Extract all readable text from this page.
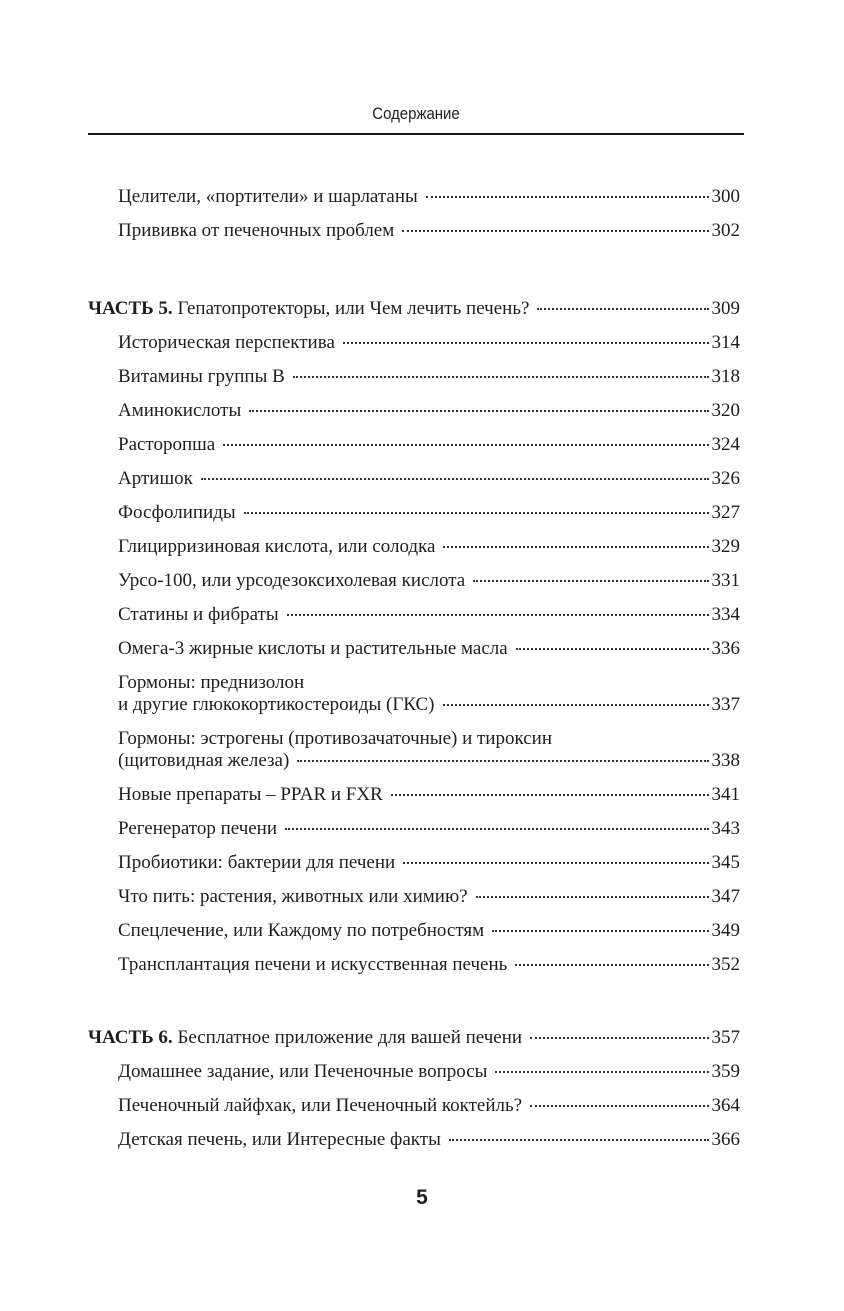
Содержание
Целители, «портители» и шарлатаны	300
Прививка от печеночных проблем	302
ЧАСТЬ 5. Гепатопротекторы, или Чем лечить печень?	309
Историческая перспектива	314
Витамины группы В	318
Аминокислоты	320
Расторопша	324
Артишок	326
Фосфолипиды	327
Глицирризиновая кислота, или солодка	329
Урсо-100, или урсодезоксихолевая кислота	331
Статины и фибраты	334
Омега-3 жирные кислоты и растительные масла	336
Гормоны: преднизолон
и другие глюкокортикостероиды (ГКС)	337
Гормоны: эстрогены (противозачаточные) и тироксин
(щитовидная железа)	338
Новые препараты – PPAR и FXR	341
Регенератор печени	343
Пробиотики: бактерии для печени	345
Что пить: растения, животных или химию?	347
Спецлечение, или Каждому по потребностям	349
Трансплантация печени и искусственная печень	352
ЧАСТЬ 6. Бесплатное приложение для вашей печени	357
Домашнее задание, или Печеночные вопросы	359
Печеночный лайфхак, или Печеночный коктейль?	364
Детская печень, или Интересные факты	366
5
